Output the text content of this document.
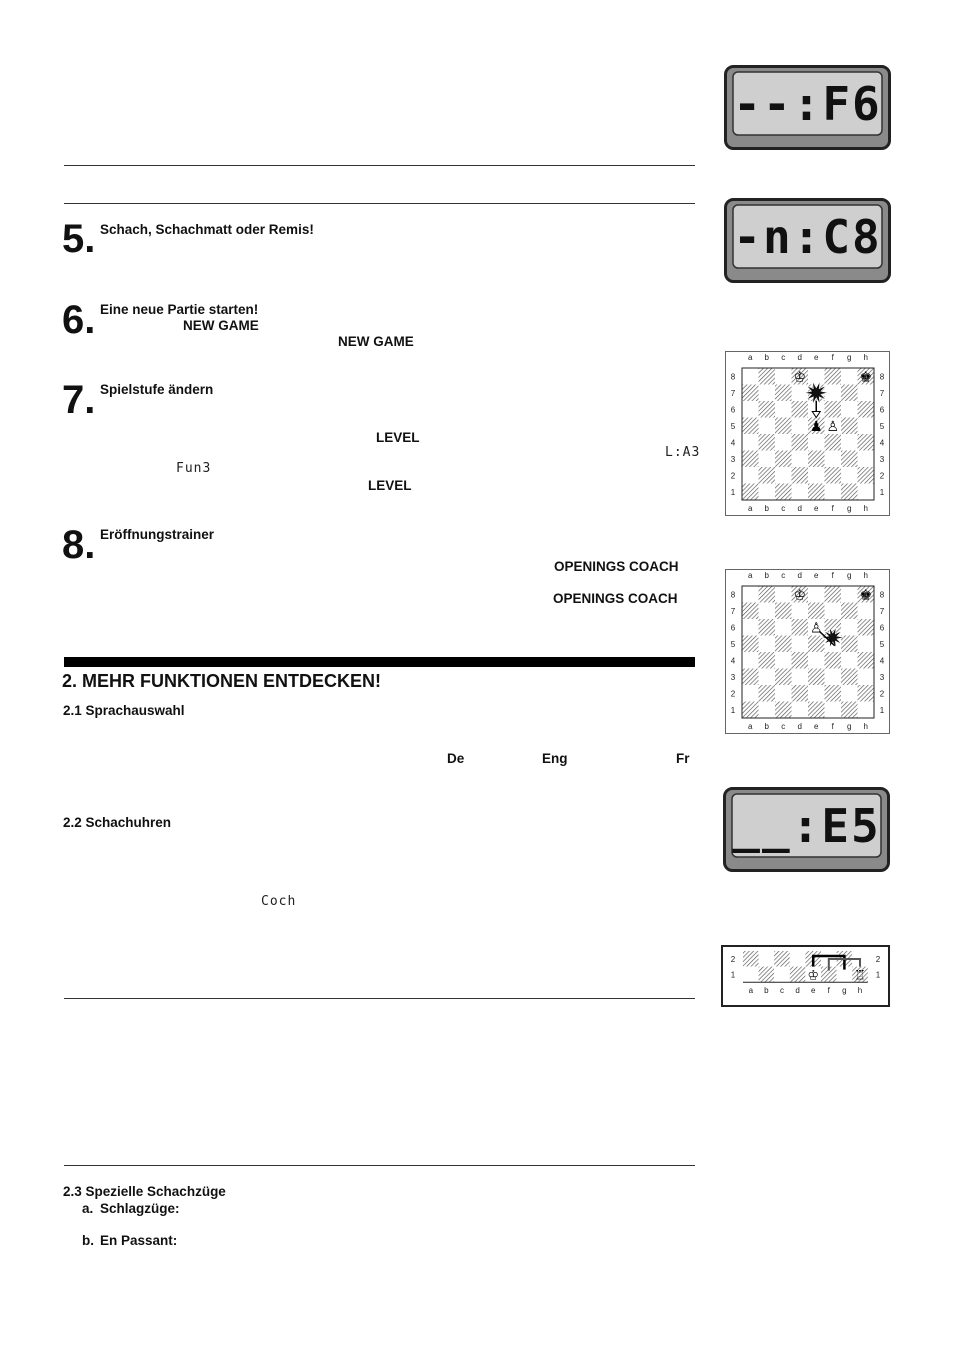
5. Schach, Schachmatt oder Remis!
6. Eine neue Partie starten!
NEW GAME
NEW GAME
7. Spielstufe ändern
LEVEL
L:A3
Fun3
LEVEL
8. Eröffnungstrainer
OPENINGS COACH
OPENINGS COACH
2. MEHR FUNKTIONEN ENTDECKEN!
2.1 Sprachauswahl
De	Eng	Fr
2.2 Schachuhren
Coch
2.3 Spezielle Schachzüge
a. Schlagzüge:
b. En Passant:
--:F6
-n:C8
__:E5
a
a
b
b
c
c
d
d
e
e
f
f
g
g
h
h
8	8
7	7
6	6
5	5
4	4
3	3
2	2
1	1
♔	♚
♟ ♙
a
a
b
b
c
c
d
d
e
e
f
f
g
g
h
h
8	8
7	7
6	6
5	5
4	4
3	3
2	2
1	1
♔	♚
♙
2	2
1	1
a b c d e f g h
♔	♖
